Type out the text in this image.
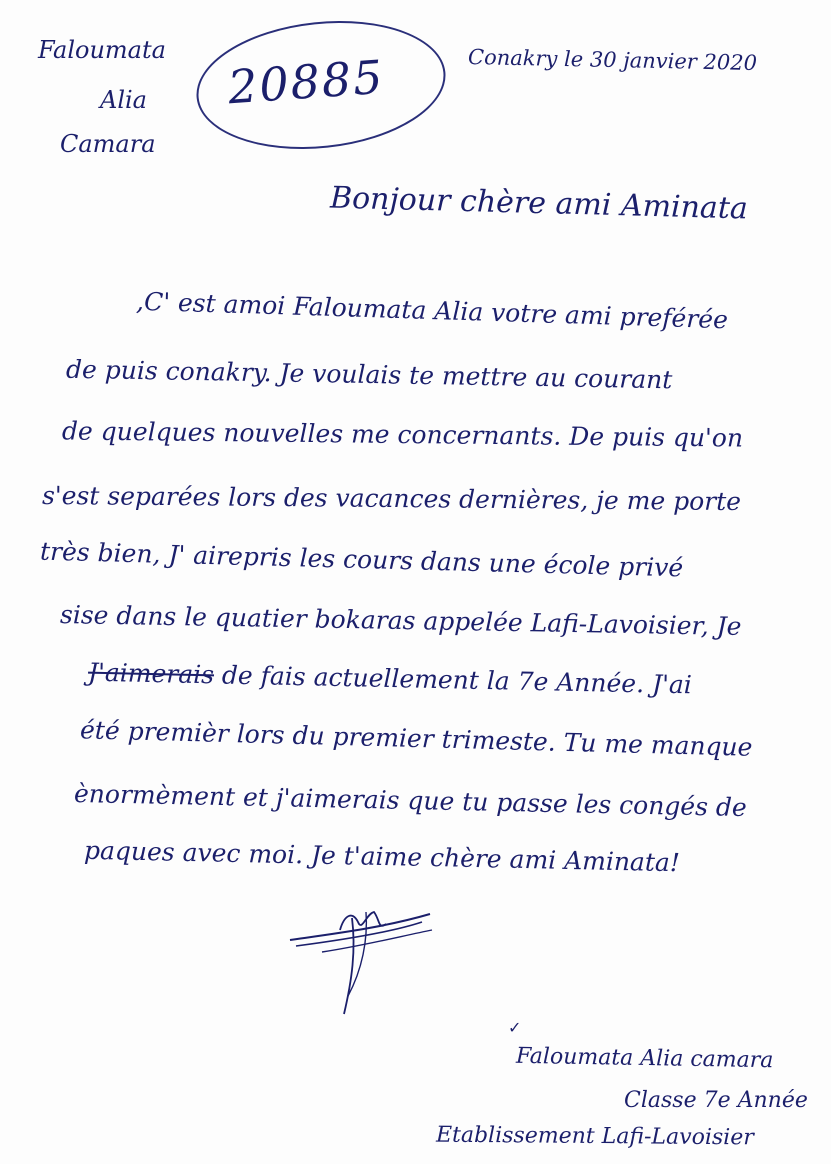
Faloumata
Alia
Camara
20885	Conakry le 30 janvier 2020
Bonjour chère ami Aminata
,C' est amoi Faloumata Alia votre ami preférée
de puis conakry. Je voulais te mettre au courant
de quelques nouvelles me concernants. De puis qu'on
s'est separées lors des vacances dernières, je me porte
très bien, J' airepris les cours dans une école privé
sise dans le quatier bokaras appelée Lafi-Lavoisier, Je
J'aimerais de fais actuellement la 7e Année. J'ai
été premièr lors du premier trimeste. Tu me manque
ènormèment et j'aimerais que tu passe les congés de
paques avec moi. Je t'aime chère ami Aminata!
✓
Faloumata Alia camara
Classe 7e Année
Etablissement Lafi-Lavoisier
